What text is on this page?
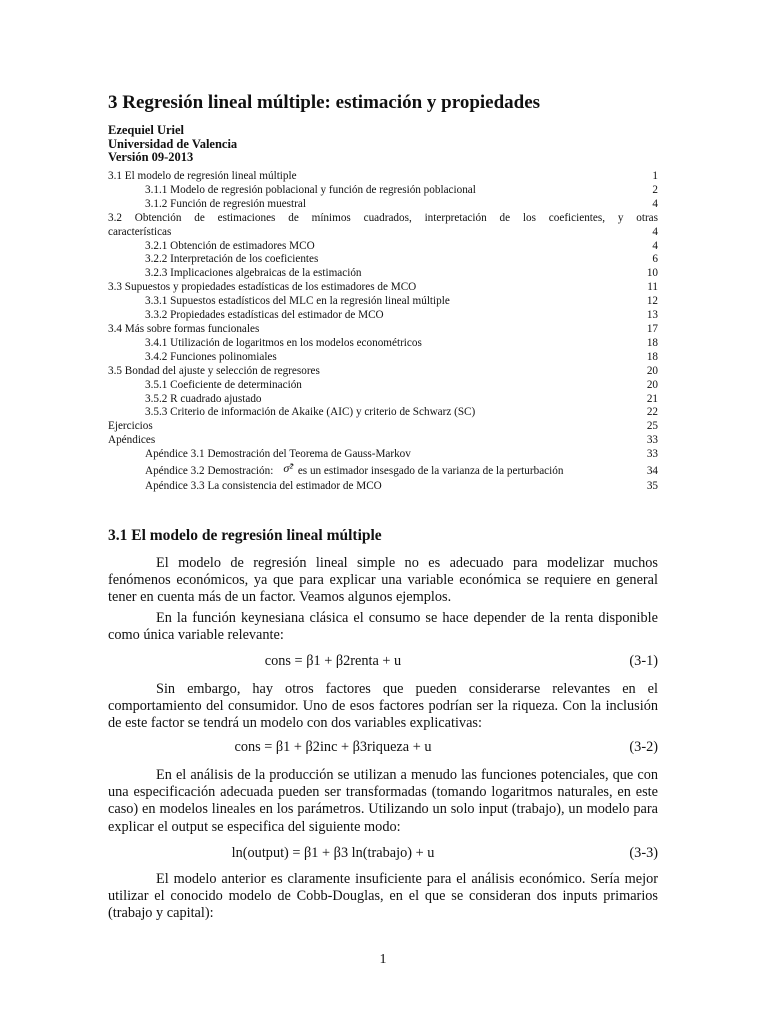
3 Regresión lineal múltiple: estimación y propiedades
Ezequiel Uriel
Universidad de Valencia
Versión 09-2013
3.1 El modelo de regresión lineal múltiple	1
3.1.1 Modelo de regresión poblacional y función de regresión poblacional	2
3.1.2 Función de regresión muestral	4
3.2 Obtención de estimaciones de mínimos cuadrados, interpretación de los coeficientes, y otras
características	4
3.2.1 Obtención de estimadores MCO	4
3.2.2 Interpretación de los coeficientes	6
3.2.3 Implicaciones algebraicas de la estimación	10
3.3 Supuestos y propiedades estadísticas de los estimadores de MCO	11
3.3.1 Supuestos estadísticos del MLC en la regresión lineal múltiple	12
3.3.2 Propiedades estadísticas del estimador de MCO	13
3.4 Más sobre formas funcionales	17
3.4.1 Utilización de logaritmos en los modelos econométricos	18
3.4.2 Funciones polinomiales	18
3.5 Bondad del ajuste y selección de regresores	20
3.5.1 Coeficiente de determinación	20
3.5.2 R cuadrado ajustado	21
3.5.3 Criterio de información de Akaike (AIC) y criterio de Schwarz (SC)	22
Ejercicios	25
Apéndices	33
Apéndice 3.1 Demostración del Teorema de Gauss-Markov	33
Apéndice 3.2 Demostración: σ̂² es un estimador insesgado de la varianza de la perturbación	34
Apéndice 3.3 La consistencia del estimador de MCO	35
3.1 El modelo de regresión lineal múltiple

El modelo de regresión lineal simple no es adecuado para modelizar muchos fenómenos económicos, ya que para explicar una variable económica se requiere en general tener en cuenta más de un factor. Veamos algunos ejemplos.

En la función keynesiana clásica el consumo se hace depender de la renta disponible como única variable relevante:

cons = β1 + β2renta + u	(3-1)

Sin embargo, hay otros factores que pueden considerarse relevantes en el comportamiento del consumidor. Uno de esos factores podrían ser la riqueza. Con la inclusión de este factor se tendrá un modelo con dos variables explicativas:

cons = β1 + β2inc + β3riqueza + u	(3-2)

En el análisis de la producción se utilizan a menudo las funciones potenciales, que con una especificación adecuada pueden ser transformadas (tomando logaritmos naturales, en este caso) en modelos lineales en los parámetros. Utilizando un solo input (trabajo), un modelo para explicar el output se especifica del siguiente modo:

ln(output) = β1 + β3 ln(trabajo) + u	(3-3)

El modelo anterior es claramente insuficiente para el análisis económico. Sería mejor utilizar el conocido modelo de Cobb-Douglas, en el que se consideran dos inputs primarios (trabajo y capital):

1
